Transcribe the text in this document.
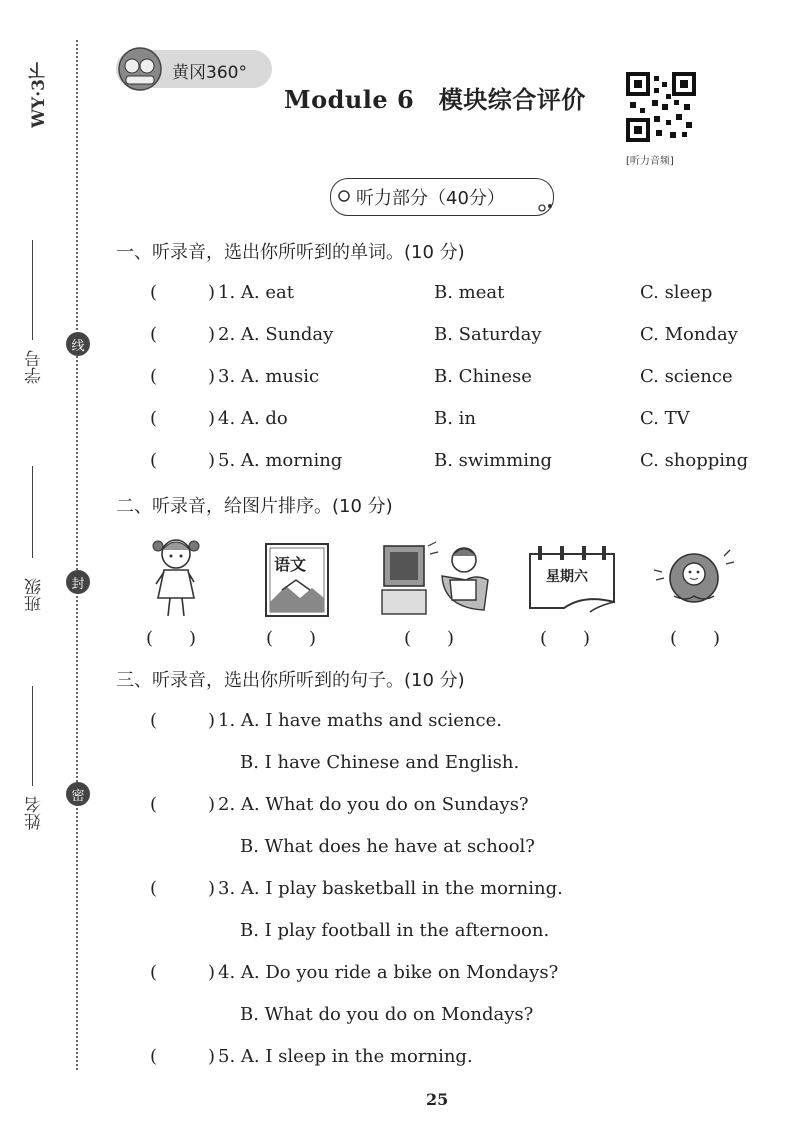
WY·3下
学号
班级
姓名
线
封
密
黄冈360°
Module 6　模块综合评价
[听力音频]
听力部分（40分）
一、听录音，选出你所听到的单词。(10 分)
(	) 1. A. eat	B. meat	C. sleep
(	) 2. A. Sunday	B. Saturday	C. Monday
(	) 3. A. music	B. Chinese	C. science
(	) 4. A. do	B. in	C. TV
(	) 5. A. morning	B. swimming	C. shopping
二、听录音，给图片排序。(10 分)
语文
星期六
(　　)	(　　)	(　　)	(　　)	(　　)
三、听录音，选出你所听到的句子。(10 分)
(	) 1. A. I have maths and science.
B. I have Chinese and English.
(	) 2. A. What do you do on Sundays?
B. What does he have at school?
(	) 3. A. I play basketball in the morning.
B. I play football in the afternoon.
(	) 4. A. Do you ride a bike on Mondays?
B. What do you do on Mondays?
(	) 5. A. I sleep in the morning.
25
